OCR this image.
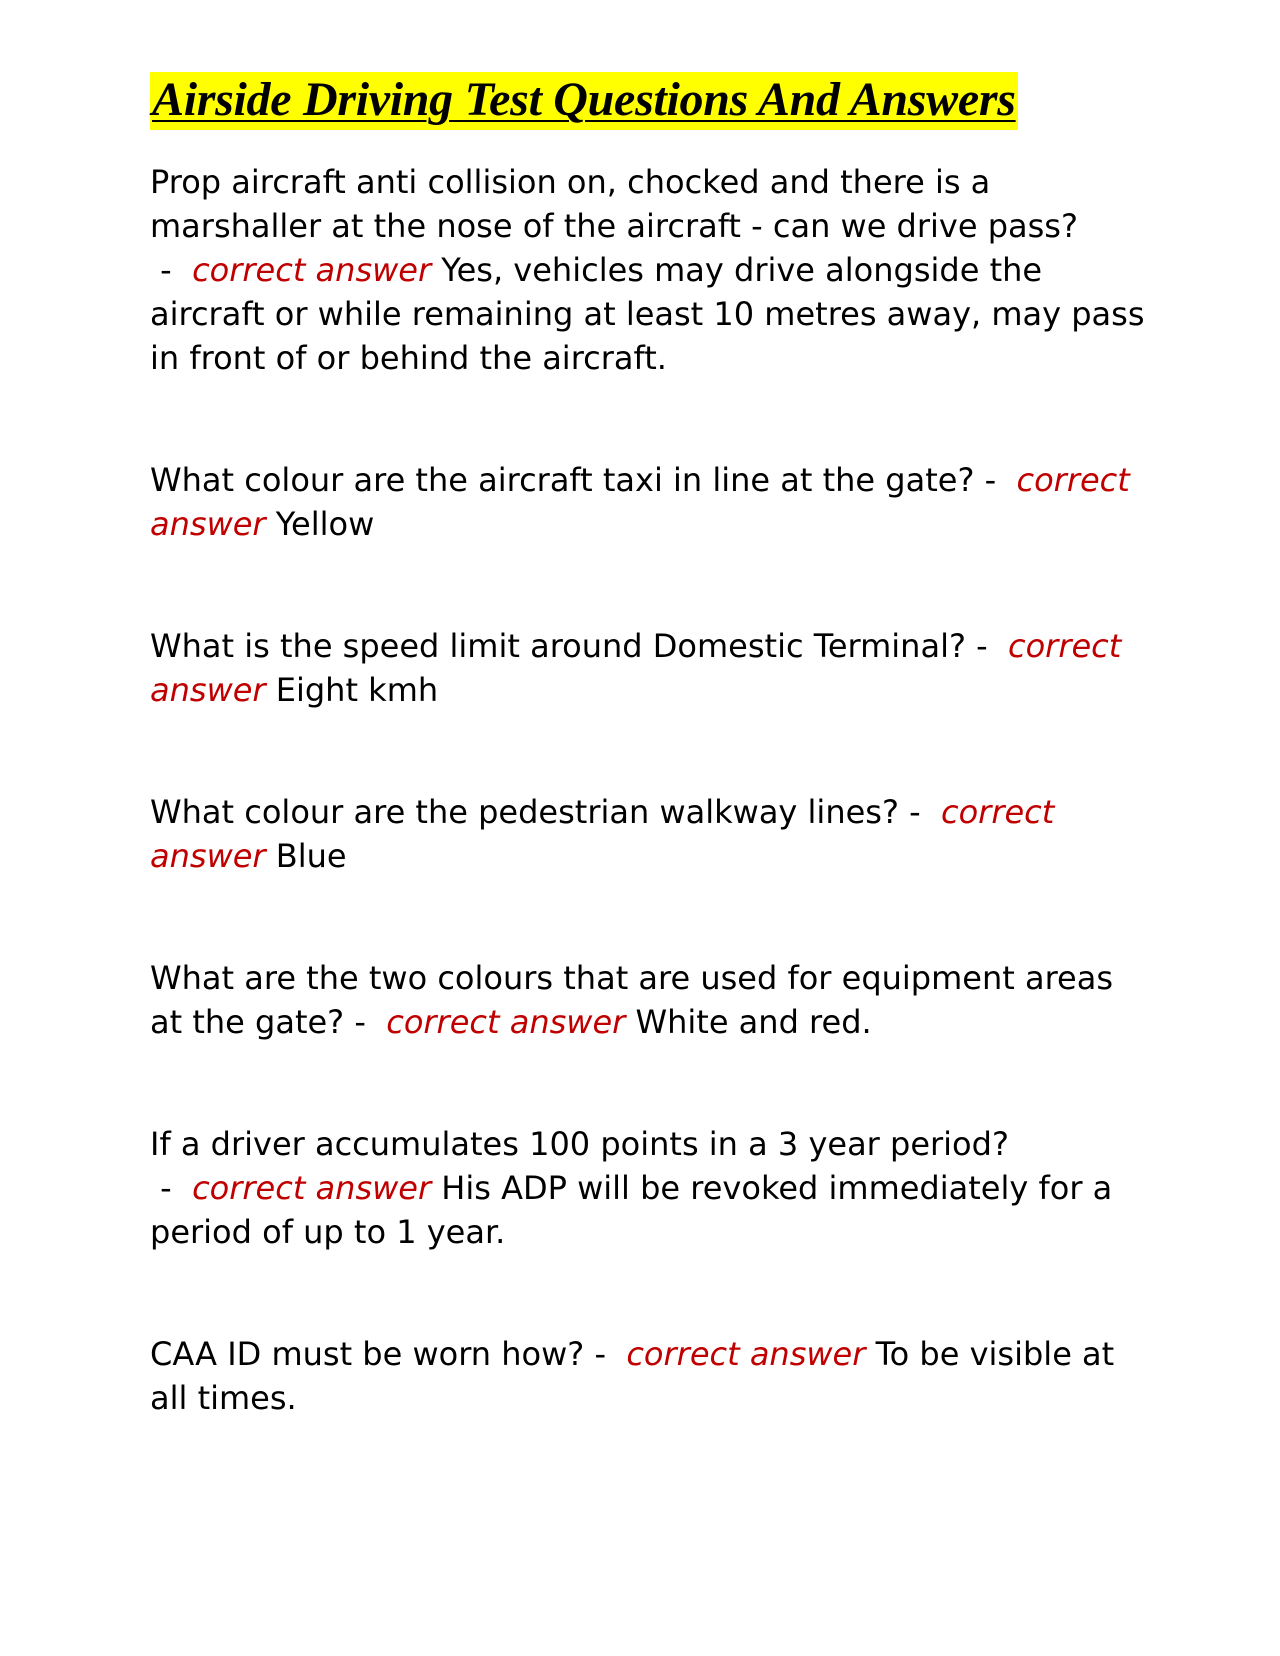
Airside Driving Test Questions And Answers

Prop aircraft anti collision on, chocked and there is a marshaller at the nose of the aircraft - can we drive pass? -  correct answer Yes, vehicles may drive alongside the aircraft or while remaining at least 10 metres away, may pass in front of or behind the aircraft.

What colour are the aircraft taxi in line at the gate? -  correct answer Yellow

What is the speed limit around Domestic Terminal? -  correct answer Eight kmh

What colour are the pedestrian walkway lines? -  correct answer Blue

What are the two colours that are used for equipment areas at the gate? -  correct answer White and red.

If a driver accumulates 100 points in a 3 year period? -  correct answer His ADP will be revoked immediately for a period of up to 1 year.

CAA ID must be worn how? -  correct answer To be visible at all times.
